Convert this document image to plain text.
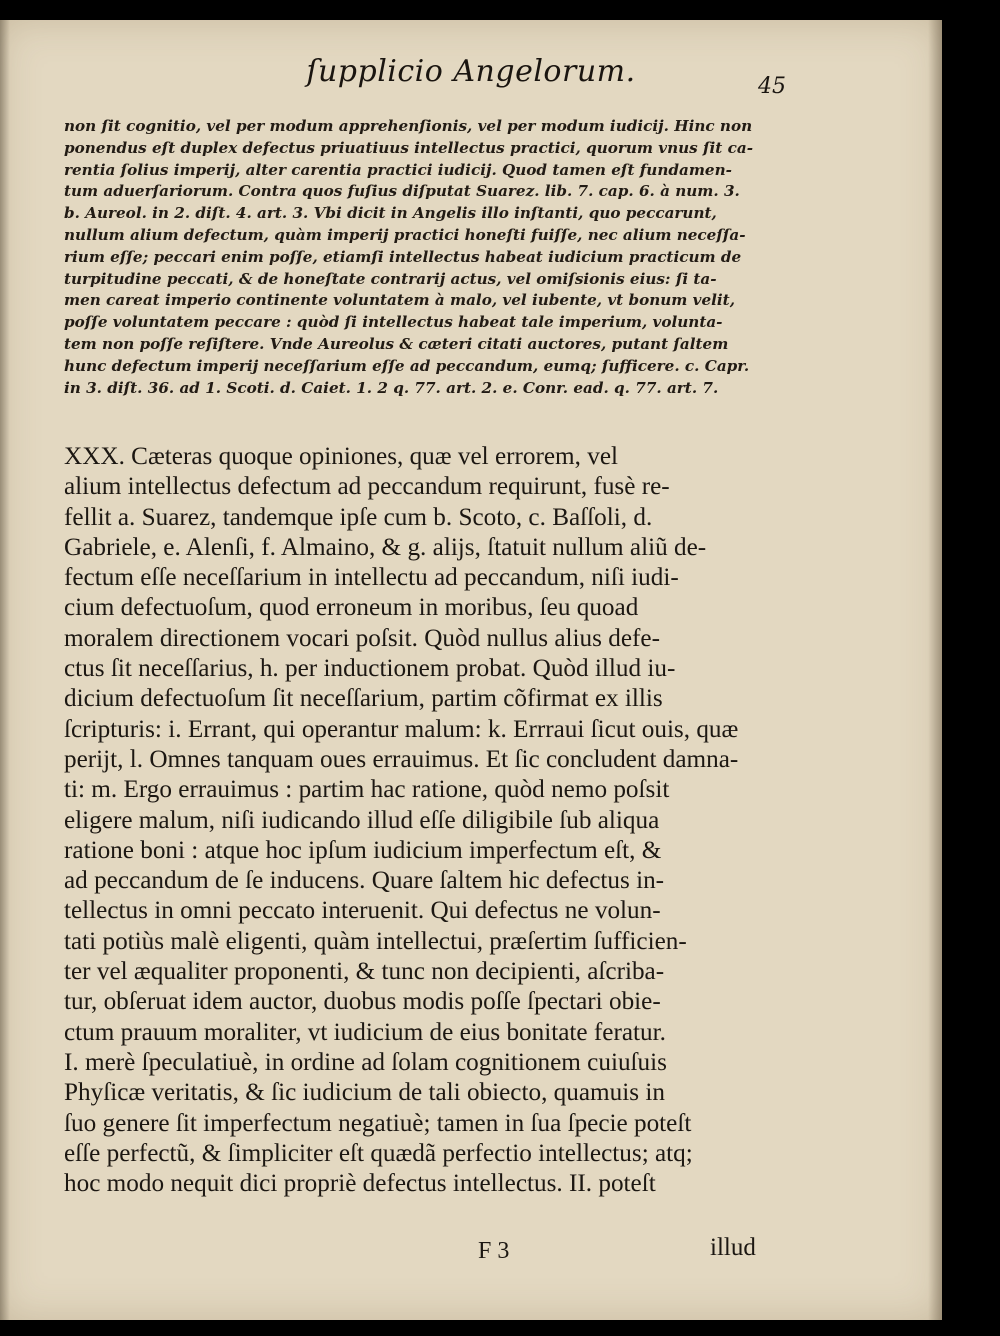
ſupplicio Angelorum.	45
non ſit cognitio, vel per modum apprehenſionis, vel per modum iudicij. Hinc non
ponendus eſt duplex defectus priuatiuus intellectus practici, quorum vnus ſit ca-
rentia ſolius imperij, alter carentia practici iudicij. Quod tamen eſt fundamen-
tum aduerſariorum. Contra quos fuſius diſputat Suarez. lib. 7. cap. 6. à num. 3.
b. Aureol. in 2. diſt. 4. art. 3. Vbi dicit in Angelis illo inſtanti, quo peccarunt,
nullum alium defectum, quàm imperij practici honeſti fuiſſe, nec alium neceſſa-
rium eſſe; peccari enim poſſe, etiamſi intellectus habeat iudicium practicum de
turpitudine peccati, & de honeſtate contrarij actus, vel omiſsionis eius: ſi ta-
men careat imperio continente voluntatem à malo, vel iubente, vt bonum velit,
poſſe voluntatem peccare : quòd ſi intellectus habeat tale imperium, volunta-
tem non poſſe reſiſtere. Vnde Aureolus & cæteri citati auctores, putant ſaltem
hunc defectum imperij neceſſarium eſſe ad peccandum, eumq; ſufficere. c. Capr.
in 3. diſt. 36. ad 1. Scoti. d. Caiet. 1. 2 q. 77. art. 2. e. Conr. ead. q. 77. art. 7.
XXX. Cæteras quoque opiniones, quæ vel errorem, vel
alium intellectus defectum ad peccandum requirunt, fusè re-
fellit a. Suarez, tandemque ipſe cum b. Scoto, c. Baſſoli, d.
Gabriele, e. Alenſi, f. Almaino, & g. alijs, ſtatuit nullum aliũ de-
fectum eſſe neceſſarium in intellectu ad peccandum, niſi iudi-
cium defectuoſum, quod erroneum in moribus, ſeu quoad
moralem directionem vocari poſsit. Quòd nullus alius defe-
ctus ſit neceſſarius, h. per inductionem probat. Quòd illud iu-
dicium defectuoſum ſit neceſſarium, partim cõfirmat ex illis
ſcripturis: i. Errant, qui operantur malum: k. Errraui ſicut ouis, quæ
perijt, l. Omnes tanquam oues errauimus. Et ſic concludent damna-
ti: m. Ergo errauimus : partim hac ratione, quòd nemo poſsit
eligere malum, niſi iudicando illud eſſe diligibile ſub aliqua
ratione boni : atque hoc ipſum iudicium imperfectum eſt, &
ad peccandum de ſe inducens. Quare ſaltem hic defectus in-
tellectus in omni peccato interuenit. Qui defectus ne volun-
tati potiùs malè eligenti, quàm intellectui, præſertim ſufficien-
ter vel æqualiter proponenti, & tunc non decipienti, aſcriba-
tur, obſeruat idem auctor, duobus modis poſſe ſpectari obie-
ctum prauum moraliter, vt iudicium de eius bonitate feratur.
I. merè ſpeculatiuè, in ordine ad ſolam cognitionem cuiuſuis
Phyſicæ veritatis, & ſic iudicium de tali obiecto, quamuis in
ſuo genere ſit imperfectum negatiuè; tamen in ſua ſpecie poteſt
eſſe perfectũ, & ſimpliciter eſt quædã perfectio intellectus; atq;
hoc modo nequit dici propriè defectus intellectus. II. poteſt
F 3	illud
